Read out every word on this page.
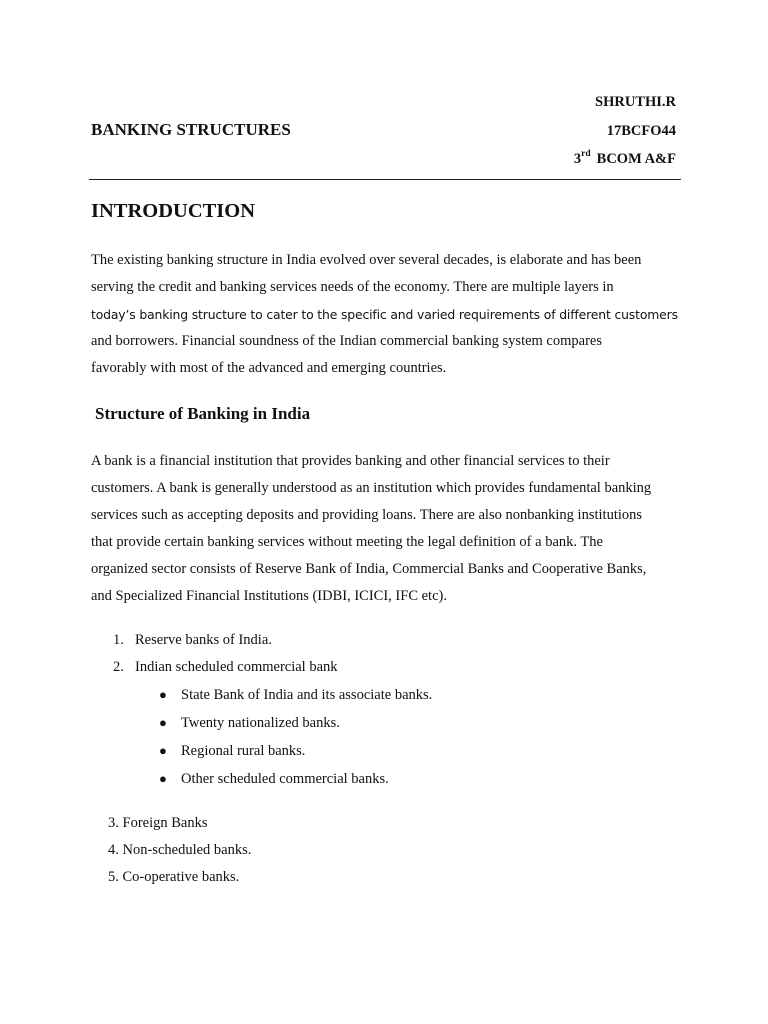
SHRUTHI.R
BANKING STRUCTURES	17BCFO44
3rd BCOM A&F
INTRODUCTION
The existing banking structure in India evolved over several decades, is elaborate and has been
serving the credit and banking services needs of the economy. There are multiple layers in
today’s banking structure to cater to the specific and varied requirements of different customers
and borrowers. Financial soundness of the Indian commercial banking system compares
favorably with most of the advanced and emerging countries.
Structure of Banking in India
A bank is a financial institution that provides banking and other financial services to their
customers. A bank is generally understood as an institution which provides fundamental banking
services such as accepting deposits and providing loans. There are also nonbanking institutions
that provide certain banking services without meeting the legal definition of a bank. The
organized sector consists of Reserve Bank of India, Commercial Banks and Cooperative Banks,
and Specialized Financial Institutions (IDBI, ICICI, IFC etc).
1. Reserve banks of India.
2. Indian scheduled commercial bank
● State Bank of India and its associate banks.
● Twenty nationalized banks.
● Regional rural banks.
● Other scheduled commercial banks.
3. Foreign Banks
4. Non-scheduled banks.
5. Co-operative banks.
